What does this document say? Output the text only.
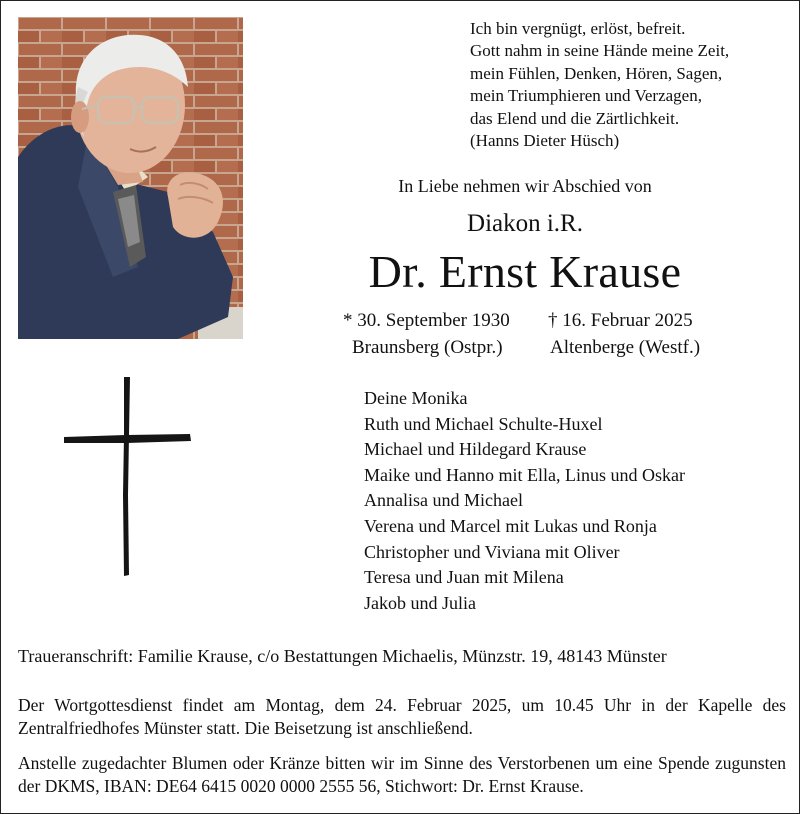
Ich bin vergnügt, erlöst, befreit.
Gott nahm in seine Hände meine Zeit,
mein Fühlen, Denken, Hören, Sagen,
mein Triumphieren und Verzagen,
das Elend und die Zärtlichkeit.
(Hanns Dieter Hüsch)
In Liebe nehmen wir Abschied von
Diakon i.R.
Dr. Ernst Krause
* 30. September 1930
Braunsberg (Ostpr.)
† 16. Februar 2025
Altenberge (Westf.)
Deine Monika
Ruth und Michael Schulte-Huxel
Michael und Hildegard Krause
Maike und Hanno mit Ella, Linus und Oskar
Annalisa und Michael
Verena und Marcel mit Lukas und Ronja
Christopher und Viviana mit Oliver
Teresa und Juan mit Milena
Jakob und Julia
Traueranschrift: Familie Krause, c/o Bestattungen Michaelis, Münzstr. 19, 48143 Münster
Der Wortgottesdienst findet am Montag, dem 24. Februar 2025, um 10.45 Uhr in der Kapelle des Zentralfriedhofes Münster statt. Die Beisetzung ist anschließend.
Anstelle zugedachter Blumen oder Kränze bitten wir im Sinne des Verstorbenen um eine Spende zugunsten der DKMS, IBAN: DE64 6415 0020 0000 2555 56, Stichwort: Dr. Ernst Krause.
